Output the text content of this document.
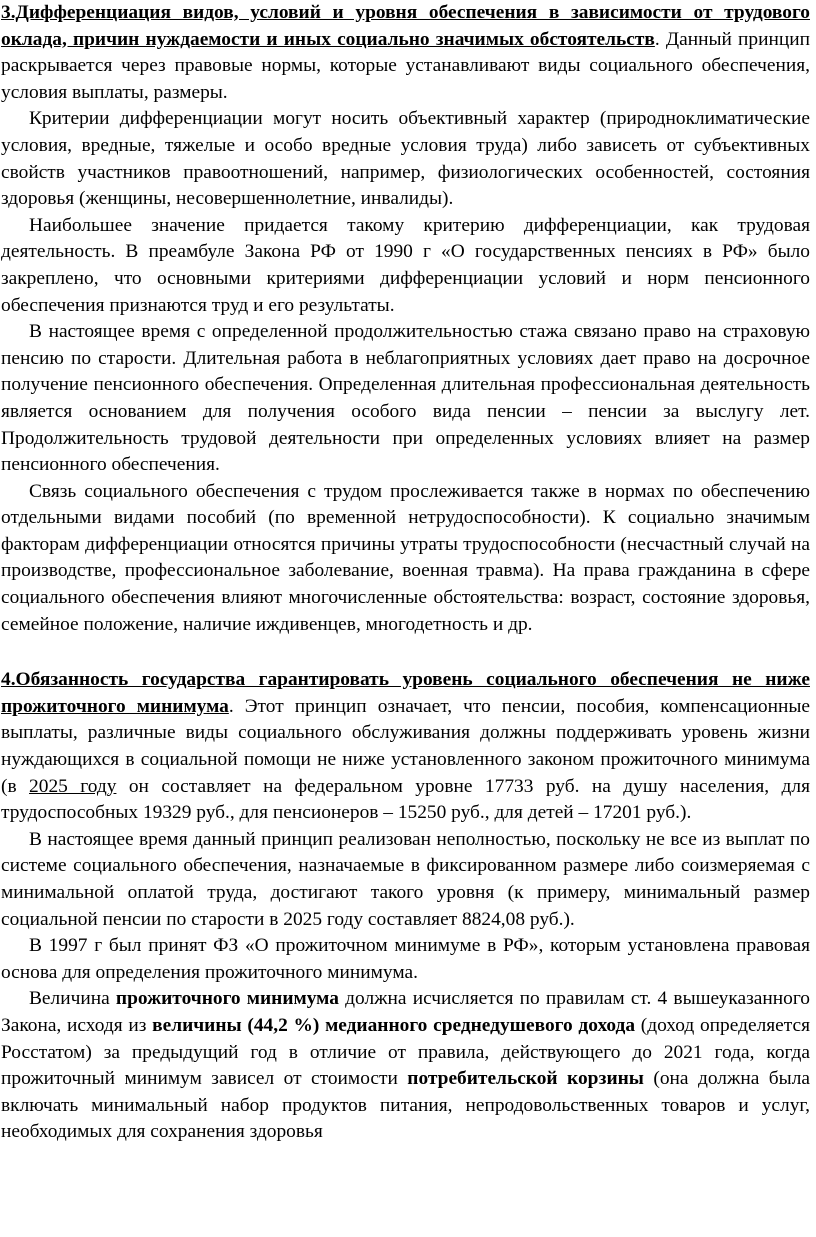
3.Дифференциация видов, условий и уровня обеспечения в зависимости от трудового оклада, причин нуждаемости и иных социально значимых обстоятельств. Данный принцип раскрывается через правовые нормы, которые устанавливают виды социального обеспечения, условия выплаты, размеры.

Критерии дифференциации могут носить объективный характер (природноклиматические условия, вредные, тяжелые и особо вредные условия труда) либо зависеть от субъективных свойств участников правоотношений, например, физиологических особенностей, состояния здоровья (женщины, несовершеннолетние, инвалиды).

Наибольшее значение придается такому критерию дифференциации, как трудовая деятельность. В преамбуле Закона РФ от 1990 г «О государственных пенсиях в РФ» было закреплено, что основными критериями дифференциации условий и норм пенсионного обеспечения признаются труд и его результаты.

В настоящее время с определенной продолжительностью стажа связано право на страховую пенсию по старости. Длительная работа в неблагоприятных условиях дает право на досрочное получение пенсионного обеспечения. Определенная длительная профессиональная деятельность является основанием для получения особого вида пенсии – пенсии за выслугу лет. Продолжительность трудовой деятельности при определенных условиях влияет на размер пенсионного обеспечения.

Связь социального обеспечения с трудом прослеживается также в нормах по обеспечению отдельными видами пособий (по временной нетрудоспособности). К социально значимым факторам дифференциации относятся причины утраты трудоспособности (несчастный случай на производстве, профессиональное заболевание, военная травма). На права гражданина в сфере социального обеспечения влияют многочисленные обстоятельства: возраст, состояние здоровья, семейное положение, наличие иждивенцев, многодетность и др.

4.Обязанность государства гарантировать уровень социального обеспечения не ниже прожиточного минимума. Этот принцип означает, что пенсии, пособия, компенсационные выплаты, различные виды социального обслуживания должны поддерживать уровень жизни нуждающихся в социальной помощи не ниже установленного законом прожиточного минимума (в 2025 году он составляет на федеральном уровне 17733 руб. на душу населения, для трудоспособных 19329 руб., для пенсионеров – 15250 руб., для детей – 17201 руб.).

В настоящее время данный принцип реализован неполностью, поскольку не все из выплат по системе социального обеспечения, назначаемые в фиксированном размере либо соизмеряемая с минимальной оплатой труда, достигают такого уровня (к примеру, минимальный размер социальной пенсии по старости в 2025 году составляет 8824,08 руб.).

В 1997 г был принят ФЗ «О прожиточном минимуме в РФ», которым установлена правовая основа для определения прожиточного минимума.

Величина прожиточного минимума должна исчисляется по правилам ст. 4 вышеуказанного Закона, исходя из величины (44,2 %) медианного среднедушевого дохода (доход определяется Росстатом) за предыдущий год в отличие от правила, действующего до 2021 года, когда прожиточный минимум зависел от стоимости потребительской корзины (она должна была включать минимальный набор продуктов питания, непродовольственных товаров и услуг, необходимых для сохранения здоровья
